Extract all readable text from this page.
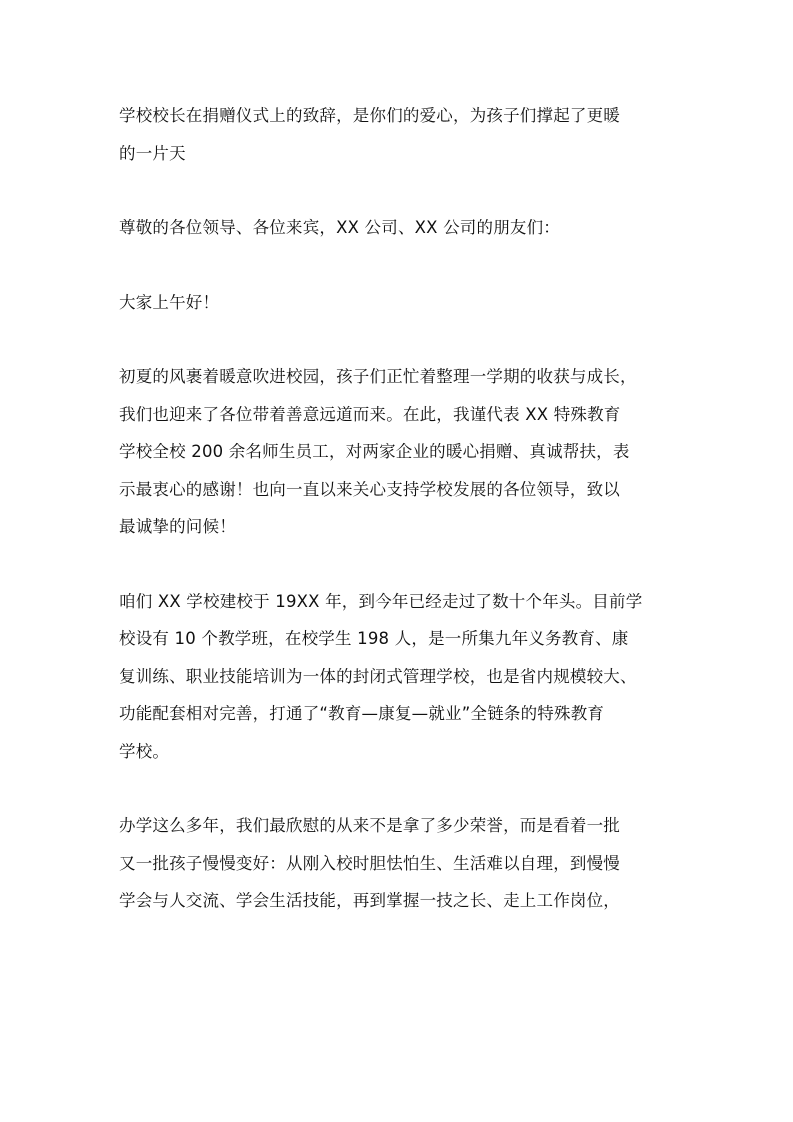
学校校长在捐赠仪式上的致辞，是你们的爱心，为孩子们撑起了更暖
的一片天
尊敬的各位领导、各位来宾，XX 公司、XX 公司的朋友们：
大家上午好！
初夏的风裹着暖意吹进校园，孩子们正忙着整理一学期的收获与成长，
我们也迎来了各位带着善意远道而来。在此，我谨代表 XX 特殊教育
学校全校 200 余名师生员工，对两家企业的暖心捐赠、真诚帮扶，表
示最衷心的感谢！也向一直以来关心支持学校发展的各位领导，致以
最诚挚的问候！
咱们 XX 学校建校于 19XX 年，到今年已经走过了数十个年头。目前学
校设有 10 个教学班，在校学生 198 人，是一所集九年义务教育、康
复训练、职业技能培训为一体的封闭式管理学校，也是省内规模较大、
功能配套相对完善，打通了“教育—康复—就业”全链条的特殊教育
学校。
办学这么多年，我们最欣慰的从来不是拿了多少荣誉，而是看着一批
又一批孩子慢慢变好：从刚入校时胆怯怕生、生活难以自理，到慢慢
学会与人交流、学会生活技能，再到掌握一技之长、走上工作岗位，
